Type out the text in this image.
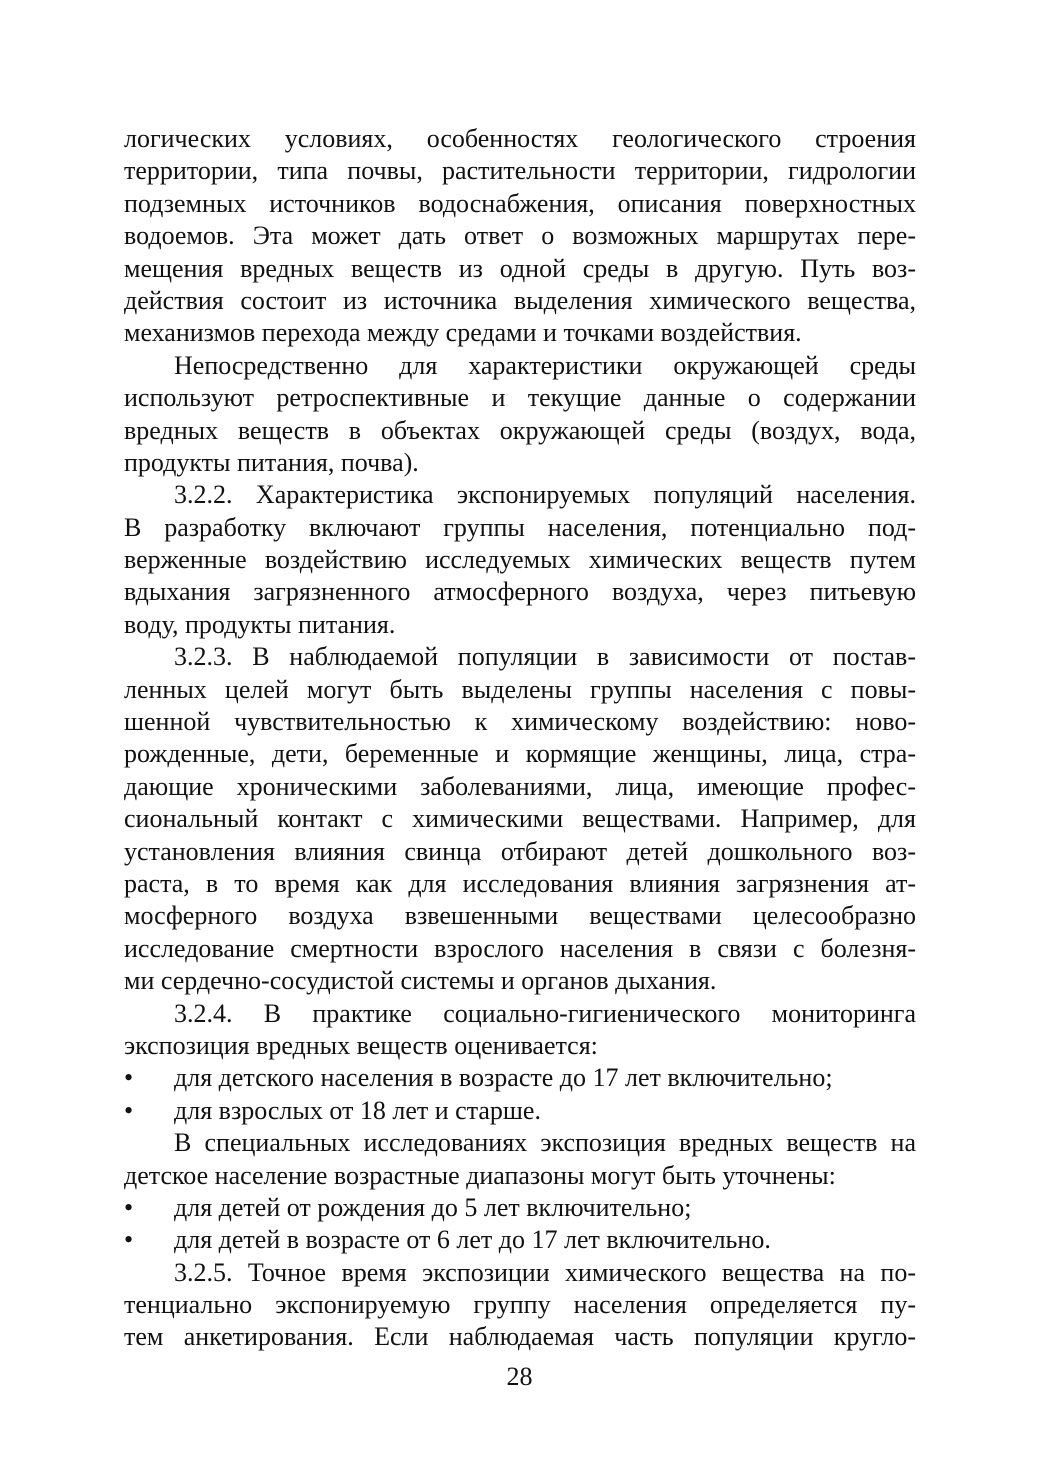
логических условиях, особенностях геологического строения
территории, типа почвы, растительности территории, гидрологии
подземных источников водоснабжения, описания поверхностных
водоемов. Эта может дать ответ о возможных маршрутах пере-
мещения вредных веществ из одной среды в другую. Путь воз-
действия состоит из источника выделения химического вещества,
механизмов перехода между средами и точками воздействия.
Непосредственно для характеристики окружающей среды
используют ретроспективные и текущие данные о содержании
вредных веществ в объектах окружающей среды (воздух, вода,
продукты питания, почва).
3.2.2. Характеристика экспонируемых популяций населения.
В разработку включают группы населения, потенциально под-
верженные воздействию исследуемых химических веществ путем
вдыхания загрязненного атмосферного воздуха, через питьевую
воду, продукты питания.
3.2.3. В наблюдаемой популяции в зависимости от постав-
ленных целей могут быть выделены группы населения с повы-
шенной чувствительностью к химическому воздействию: ново-
рожденные, дети, беременные и кормящие женщины, лица, стра-
дающие хроническими заболеваниями, лица, имеющие профес-
сиональный контакт с химическими веществами. Например, для
установления влияния свинца отбирают детей дошкольного воз-
раста, в то время как для исследования влияния загрязнения ат-
мосферного воздуха взвешенными веществами целесообразно
исследование смертности взрослого населения в связи с болезня-
ми сердечно-сосудистой системы и органов дыхания.
3.2.4. В практике социально-гигиенического мониторинга
экспозиция вредных веществ оценивается:
• для детского населения в возрасте до 17 лет включительно;
• для взрослых от 18 лет и старше.
В специальных исследованиях экспозиция вредных веществ на
детское население возрастные диапазоны могут быть уточнены:
• для детей от рождения до 5 лет включительно;
• для детей в возрасте от 6 лет до 17 лет включительно.
3.2.5. Точное время экспозиции химического вещества на по-
тенциально экспонируемую группу населения определяется пу-
тем анкетирования. Если наблюдаемая часть популяции кругло-
28
